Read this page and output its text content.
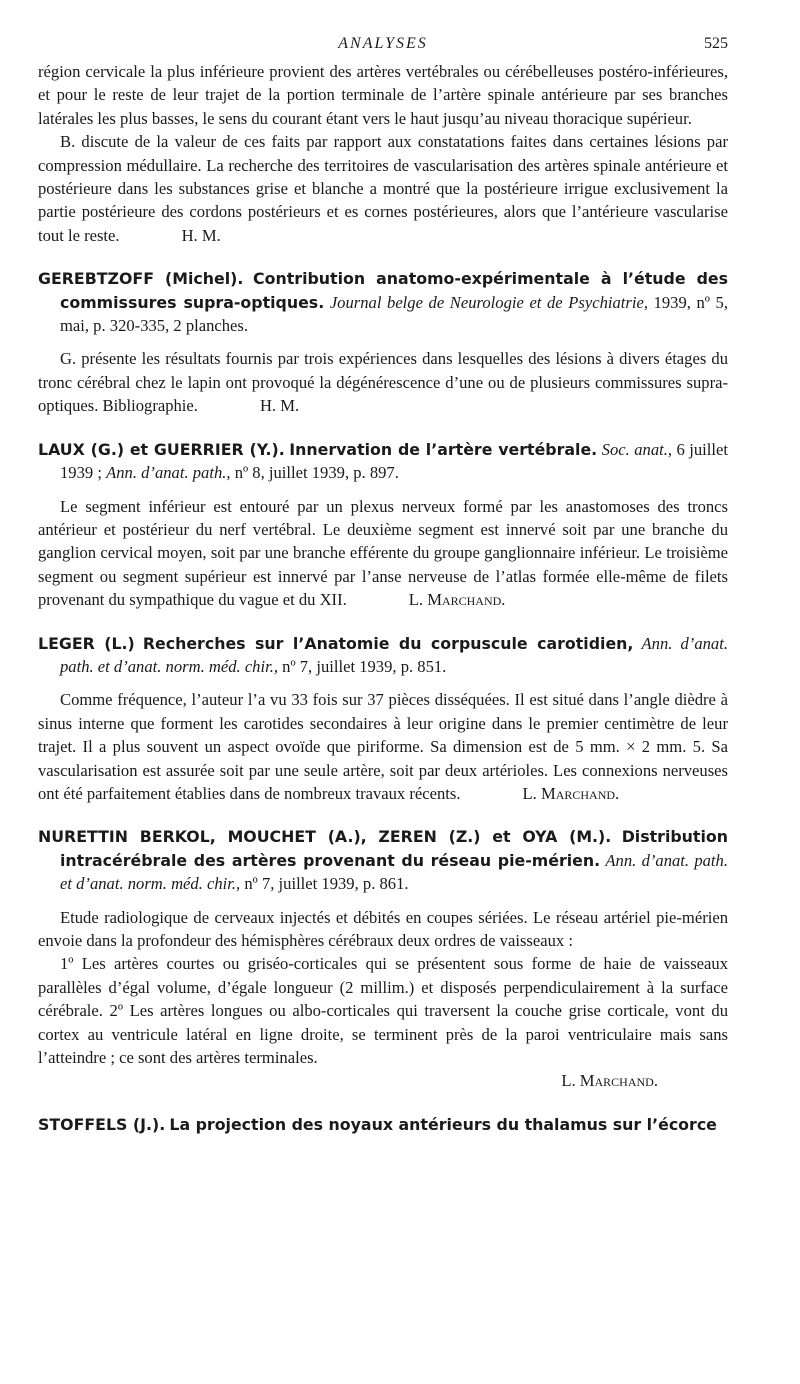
ANALYSES	525

région cervicale la plus inférieure provient des artères vertébrales ou cérébelleuses postéro-inférieures, et pour le reste de leur trajet de la portion terminale de l’artère spinale antérieure par ses branches latérales les plus basses, le sens du courant étant vers le haut jusqu’au niveau thoracique supérieur.

B. discute de la valeur de ces faits par rapport aux constatations faites dans certaines lésions par compression médullaire. La recherche des territoires de vascularisation des artères spinale antérieure et postérieure dans les substances grise et blanche a montré que la postérieure irrigue exclusivement la partie postérieure des cordons postérieurs et es cornes postérieures, alors que l’antérieure vascularise tout le reste.	H. M.

GEREBTZOFF (Michel). Contribution anatomo-expérimentale à l’étude des commissures supra-optiques. Journal belge de Neurologie et de Psychiatrie, 1939, nº 5, mai, p. 320-335, 2 planches.

G. présente les résultats fournis par trois expériences dans lesquelles des lésions à divers étages du tronc cérébral chez le lapin ont provoqué la dégénérescence d’une ou de plusieurs commissures supra-optiques. Bibliographie.	H. M.

LAUX (G.) et GUERRIER (Y.). Innervation de l’artère vertébrale. Soc. anat., 6 juillet 1939 ; Ann. d’anat. path., nº 8, juillet 1939, p. 897.

Le segment inférieur est entouré par un plexus nerveux formé par les anastomoses des troncs antérieur et postérieur du nerf vertébral. Le deuxième segment est innervé soit par une branche du ganglion cervical moyen, soit par une branche efférente du groupe ganglionnaire inférieur. Le troisième segment ou segment supérieur est innervé par l’anse nerveuse de l’atlas formée elle-même de filets provenant du sympathique du vague et du XII.	L. Marchand.

LEGER (L.) Recherches sur l’Anatomie du corpuscule carotidien, Ann. d’anat. path. et d’anat. norm. méd. chir., nº 7, juillet 1939, p. 851.

Comme fréquence, l’auteur l’a vu 33 fois sur 37 pièces disséquées. Il est situé dans l’angle dièdre à sinus interne que forment les carotides secondaires à leur origine dans le premier centimètre de leur trajet. Il a plus souvent un aspect ovoïde que piriforme. Sa dimension est de 5 mm. × 2 mm. 5. Sa vascularisation est assurée soit par une seule artère, soit par deux artérioles. Les connexions nerveuses ont été parfaitement établies dans de nombreux travaux récents.	L. Marchand.

NURETTIN BERKOL, MOUCHET (A.), ZEREN (Z.) et OYA (M.). Distribution intracérébrale des artères provenant du réseau pie-mérien. Ann. d’anat. path. et d’anat. norm. méd. chir., nº 7, juillet 1939, p. 861.

Etude radiologique de cerveaux injectés et débités en coupes sériées. Le réseau artériel pie-mérien envoie dans la profondeur des hémisphères cérébraux deux ordres de vaisseaux :

1º Les artères courtes ou griséo-corticales qui se présentent sous forme de haie de vaisseaux parallèles d’égal volume, d’égale longueur (2 millim.) et disposés perpendiculairement à la surface cérébrale. 2º Les artères longues ou albo-corticales qui traversent la couche grise corticale, vont du cortex au ventricule latéral en ligne droite, se terminent près de la paroi ventriculaire mais sans l’atteindre ; ce sont des artères terminales.

L. Marchand.
STOFFELS (J.). La projection des noyaux antérieurs du thalamus sur l’écorce
